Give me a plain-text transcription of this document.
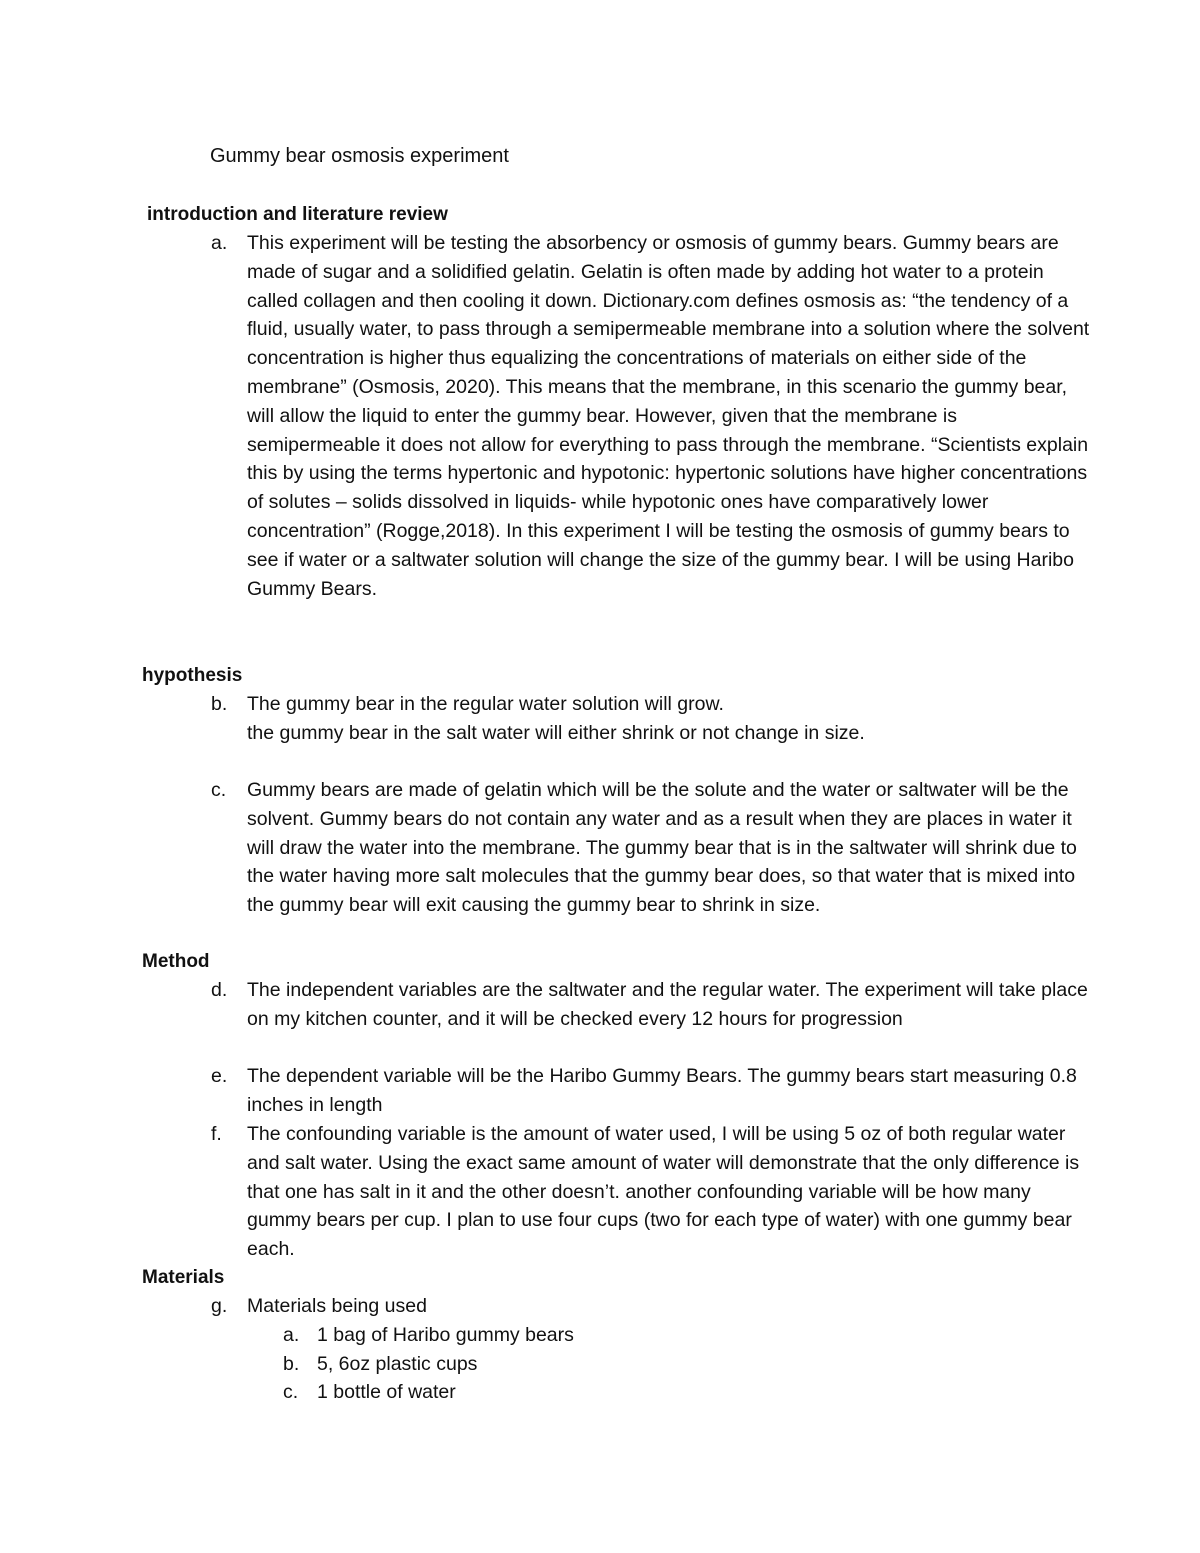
Gummy bear osmosis experiment
introduction and literature review
a. This experiment will be testing the absorbency or osmosis of gummy bears. Gummy bears are made of sugar and a solidified gelatin. Gelatin is often made by adding hot water to a protein called collagen and then cooling it down. Dictionary.com defines osmosis as: “the tendency of a fluid, usually water, to pass through a semipermeable membrane into a solution where the solvent concentration is higher thus equalizing the concentrations of materials on either side of the membrane” (Osmosis, 2020). This means that the membrane, in this scenario the gummy bear, will allow the liquid to enter the gummy bear. However, given that the membrane is semipermeable it does not allow for everything to pass through the membrane. “Scientists explain this by using the terms hypertonic and hypotonic: hypertonic solutions have higher concentrations of solutes – solids dissolved in liquids- while hypotonic ones have comparatively lower concentration” (Rogge,2018). In this experiment I will be testing the osmosis of gummy bears to see if water or a saltwater solution will change the size of the gummy bear. I will be using Haribo Gummy Bears.
hypothesis
b. The gummy bear in the regular water solution will grow.
the gummy bear in the salt water will either shrink or not change in size.
c. Gummy bears are made of gelatin which will be the solute and the water or saltwater will be the solvent. Gummy bears do not contain any water and as a result when they are places in water it will draw the water into the membrane. The gummy bear that is in the saltwater will shrink due to the water having more salt molecules that the gummy bear does, so that water that is mixed into the gummy bear will exit causing the gummy bear to shrink in size.
Method
d. The independent variables are the saltwater and the regular water. The experiment will take place on my kitchen counter, and it will be checked every 12 hours for progression
e. The dependent variable will be the Haribo Gummy Bears. The gummy bears start measuring 0.8 inches in length
f. The confounding variable is the amount of water used, I will be using 5 oz of both regular water and salt water. Using the exact same amount of water will demonstrate that the only difference is that one has salt in it and the other doesn’t. another confounding variable will be how many gummy bears per cup. I plan to use four cups (two for each type of water) with one gummy bear each.
Materials
g. Materials being used
a. 1 bag of Haribo gummy bears
b. 5, 6oz plastic cups
c. 1 bottle of water
